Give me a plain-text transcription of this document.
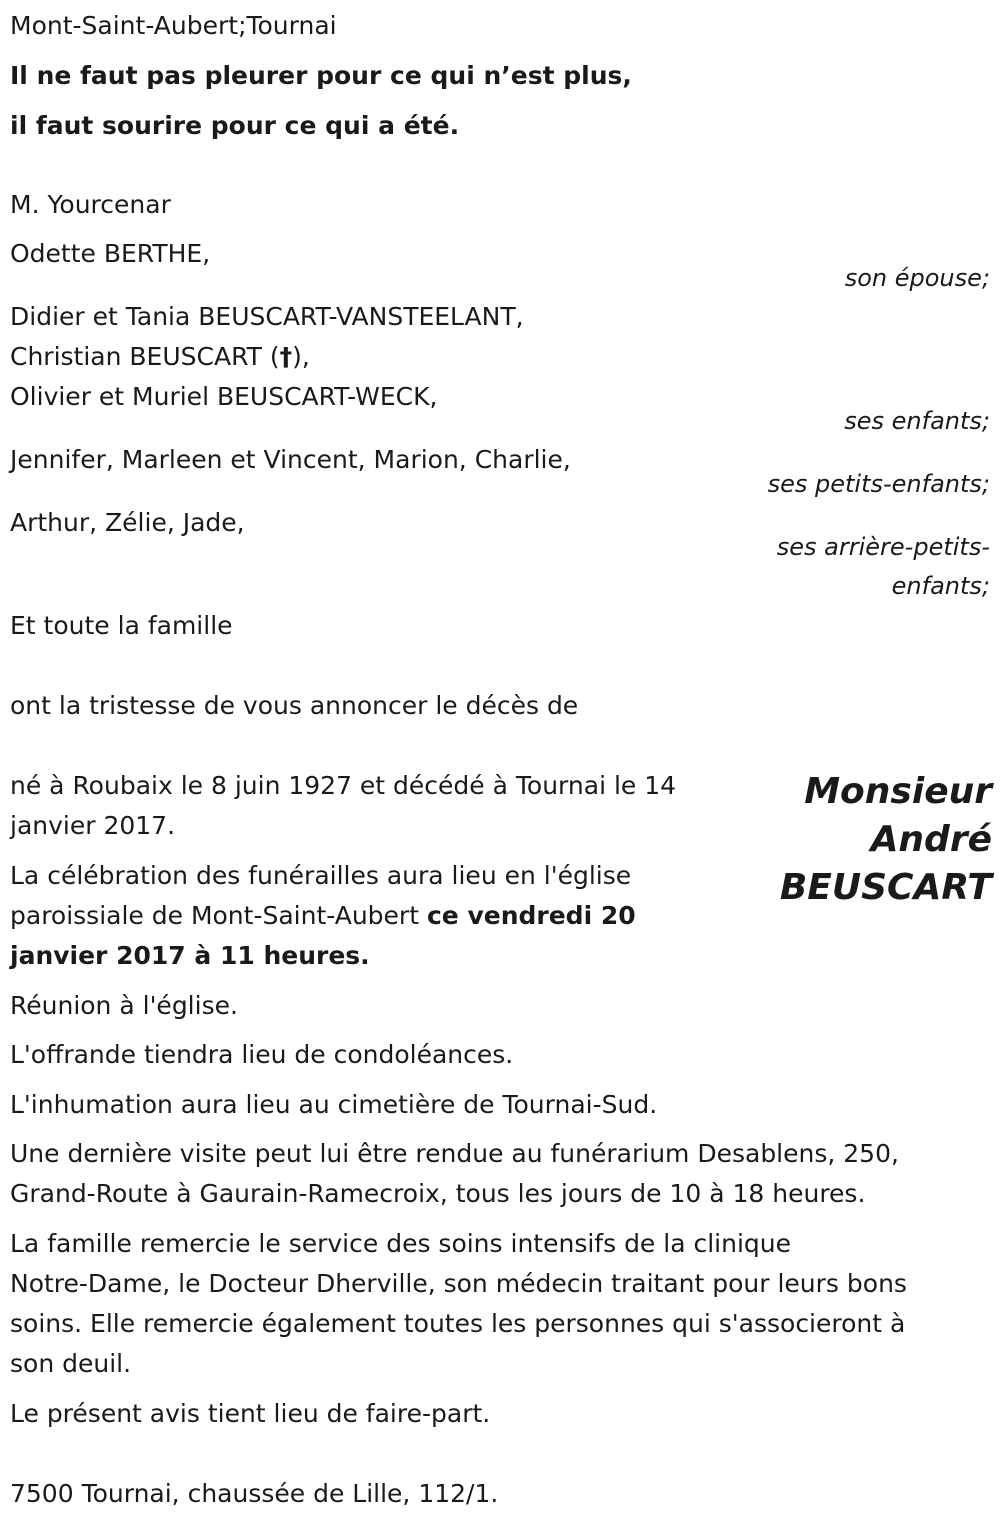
Mont-Saint-Aubert;Tournai

Il ne faut pas pleurer pour ce qui n’est plus,

il faut sourire pour ce qui a été.

M. Yourcenar

Odette BERTHE,

son épouse;

Didier et Tania BEUSCART-VANSTEELANT,

Christian BEUSCART (†),

Olivier et Muriel BEUSCART-WECK,

ses enfants;

Jennifer, Marleen et Vincent, Marion, Charlie,

ses petits-enfants;

Arthur, Zélie, Jade,

ses arrière-petits-

enfants;

Et toute la famille

ont la tristesse de vous annoncer le décès de

Monsieur
André
BEUSCART

né à Roubaix le 8 juin 1927 et décédé à Tournai le 14

janvier 2017.

La célébration des funérailles aura lieu en l'église

paroissiale de Mont-Saint-Aubert ce vendredi 20

janvier 2017 à 11 heures.

Réunion à l'église.

L'offrande tiendra lieu de condoléances.

L'inhumation aura lieu au cimetière de Tournai-Sud.

Une dernière visite peut lui être rendue au funérarium Desablens, 250,

Grand-Route à Gaurain-Ramecroix, tous les jours de 10 à 18 heures.

La famille remercie le service des soins intensifs de la clinique

Notre-Dame, le Docteur Dherville, son médecin traitant pour leurs bons

soins. Elle remercie également toutes les personnes qui s'associeront à

son deuil.

Le présent avis tient lieu de faire-part.

7500 Tournai, chaussée de Lille, 112/1.
